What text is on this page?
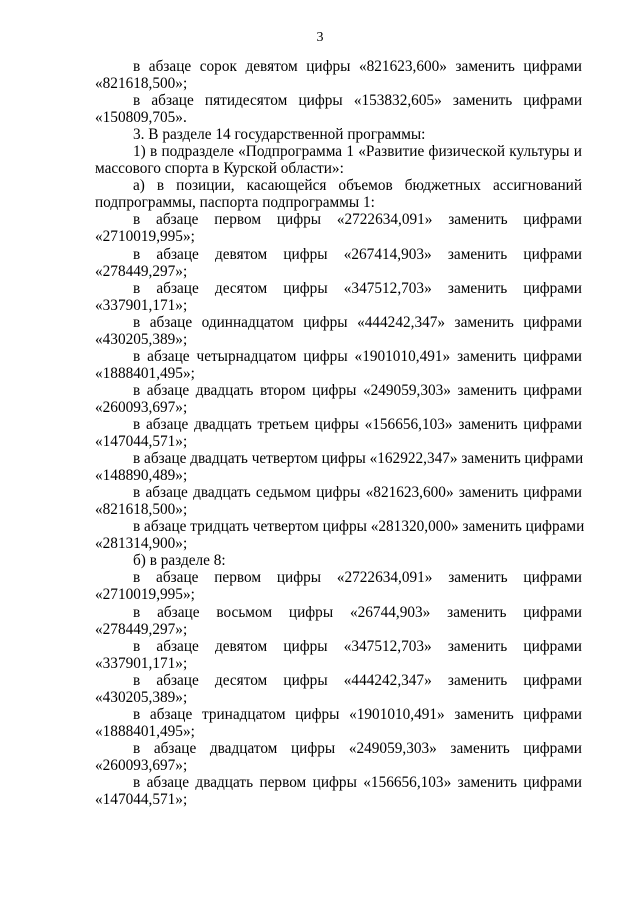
3
в абзаце сорок девятом цифры «821623,600» заменить цифрами
«821618,500»;
в абзаце пятидесятом цифры «153832,605» заменить цифрами
«150809,705».
3. В разделе 14 государственной программы:
1) в подразделе «Подпрограмма 1 «Развитие физической культуры и
массового спорта в Курской области»:
а) в позиции, касающейся объемов бюджетных ассигнований
подпрограммы, паспорта подпрограммы 1:
в абзаце первом цифры «2722634,091» заменить цифрами
«2710019,995»;
в абзаце девятом цифры «267414,903» заменить цифрами
«278449,297»;
в абзаце десятом цифры «347512,703» заменить цифрами
«337901,171»;
в абзаце одиннадцатом цифры «444242,347» заменить цифрами
«430205,389»;
в абзаце четырнадцатом цифры «1901010,491» заменить цифрами
«1888401,495»;
в абзаце двадцать втором цифры «249059,303» заменить цифрами
«260093,697»;
в абзаце двадцать третьем цифры «156656,103» заменить цифрами
«147044,571»;
в абзаце двадцать четвертом цифры «162922,347» заменить цифрами
«148890,489»;
в абзаце двадцать седьмом цифры «821623,600» заменить цифрами
«821618,500»;
в абзаце тридцать четвертом цифры «281320,000» заменить цифрами
«281314,900»;
б) в разделе 8:
в абзаце первом цифры «2722634,091» заменить цифрами
«2710019,995»;
в абзаце восьмом цифры «26744,903» заменить цифрами
«278449,297»;
в абзаце девятом цифры «347512,703» заменить цифрами
«337901,171»;
в абзаце десятом цифры «444242,347» заменить цифрами
«430205,389»;
в абзаце тринадцатом цифры «1901010,491» заменить цифрами
«1888401,495»;
в абзаце двадцатом цифры «249059,303» заменить цифрами
«260093,697»;
в абзаце двадцать первом цифры «156656,103» заменить цифрами
«147044,571»;
